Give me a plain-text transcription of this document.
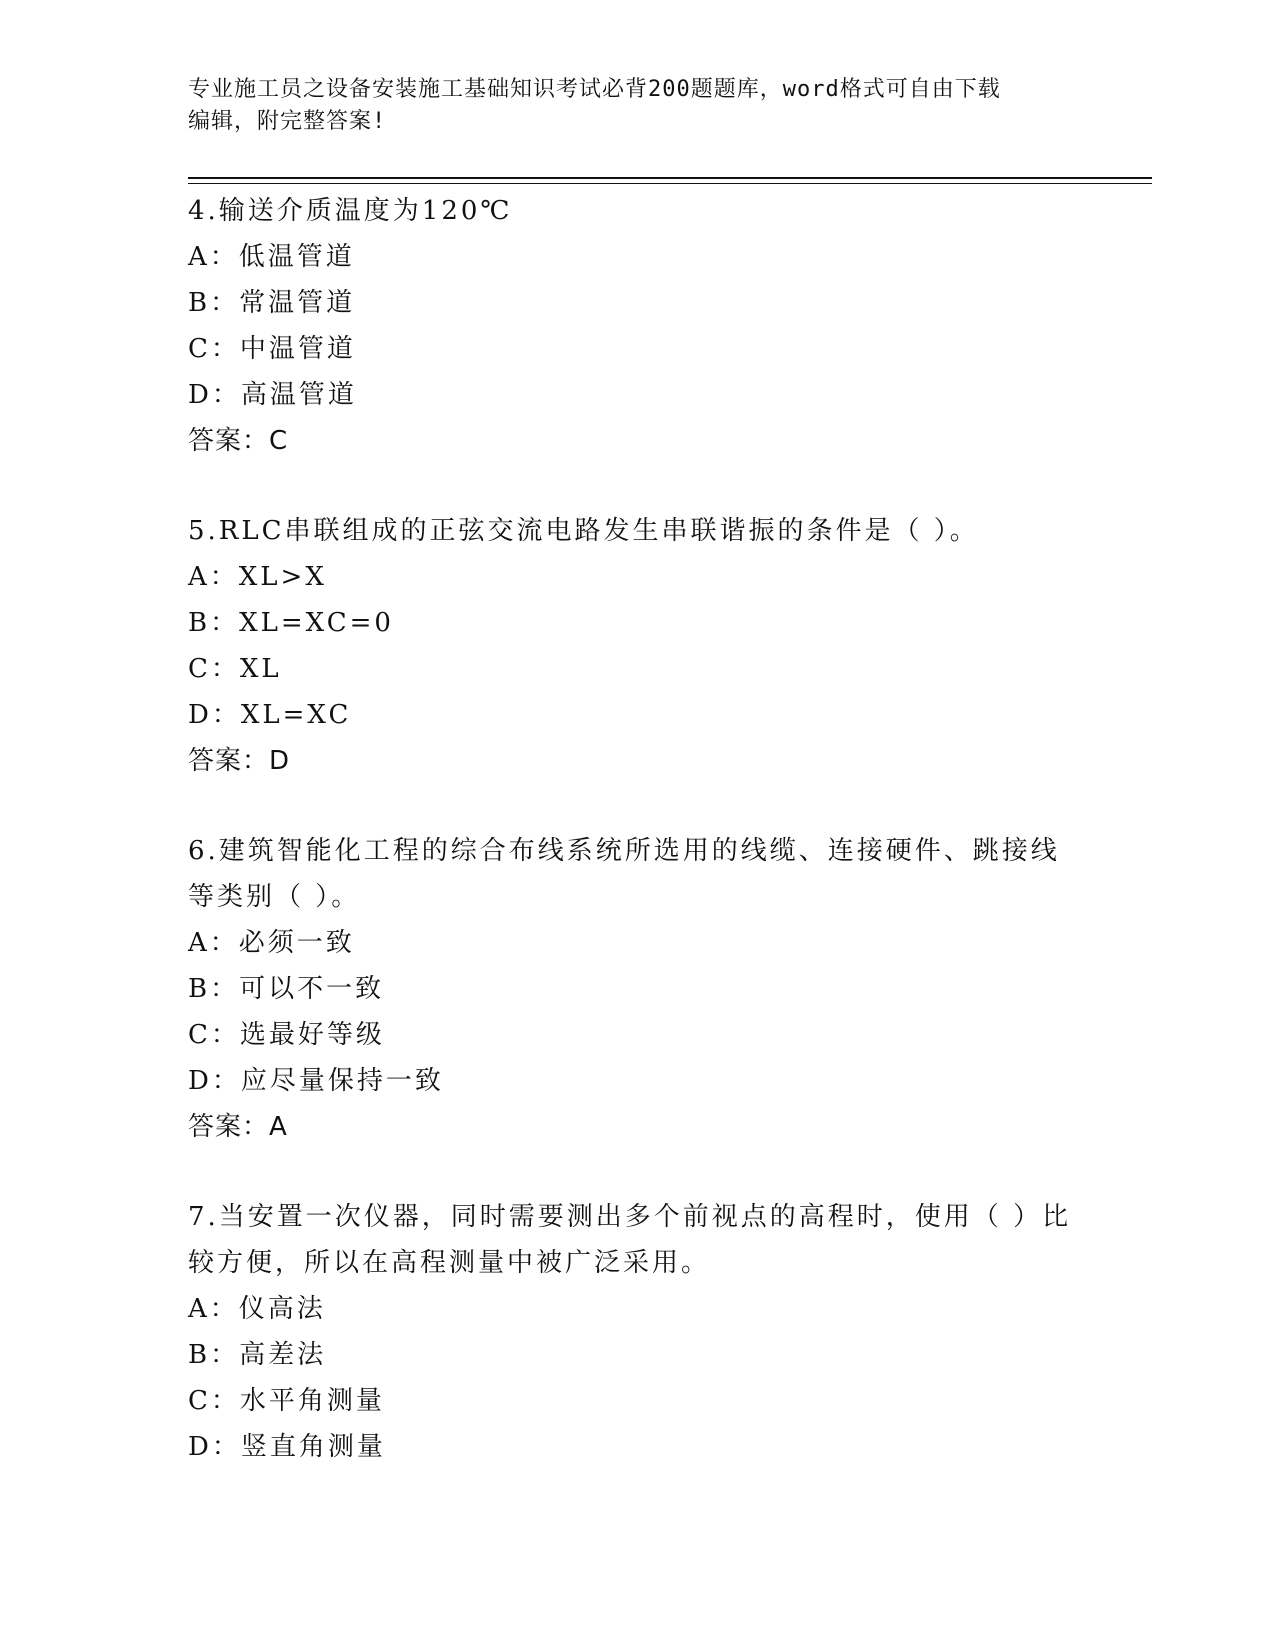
专业施工员之设备安装施工基础知识考试必背200题题库，word格式可自由下载
编辑，附完整答案!
4.输送介质温度为120℃
A：低温管道
B：常温管道
C：中温管道
D：高温管道
答案：C
5.RLC串联组成的正弦交流电路发生串联谐振的条件是（ ）。
A：XL>X
B：XL=XC=0
C：XL
D：XL=XC
答案：D
6.建筑智能化工程的综合布线系统所选用的线缆、连接硬件、跳接线
等类别（ ）。
A：必须一致
B：可以不一致
C：选最好等级
D：应尽量保持一致
答案：A
7.当安置一次仪器，同时需要测出多个前视点的高程时，使用（ ）比
较方便，所以在高程测量中被广泛采用。
A：仪高法
B：高差法
C：水平角测量
D：竖直角测量
